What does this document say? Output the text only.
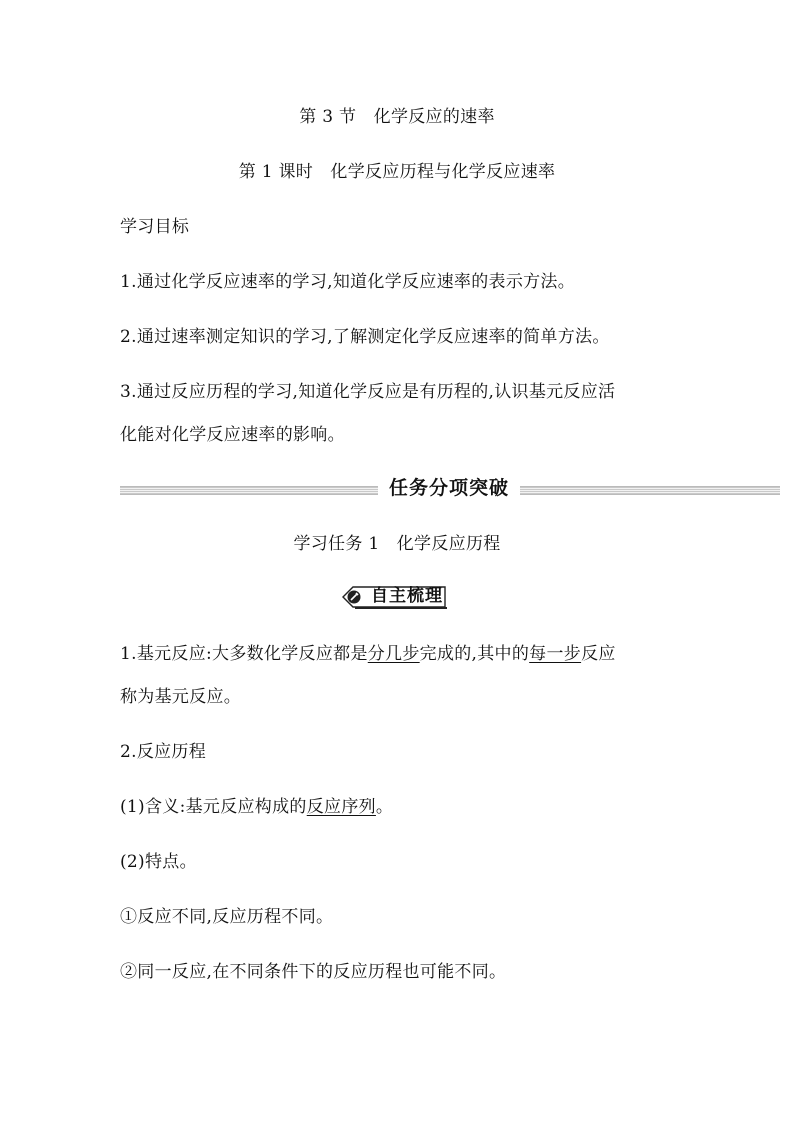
第 3 节　化学反应的速率
第 1 课时　化学反应历程与化学反应速率
学习目标
1.通过化学反应速率的学习,知道化学反应速率的表示方法。
2.通过速率测定知识的学习,了解测定化学反应速率的简单方法。
3.通过反应历程的学习,知道化学反应是有历程的,认识基元反应活
化能对化学反应速率的影响。
任务分项突破
学习任务 1　化学反应历程
自主梳理
1.基元反应:大多数化学反应都是分几步完成的,其中的每一步反应
称为基元反应。
2.反应历程
(1)含义:基元反应构成的反应序列。
(2)特点。
①反应不同,反应历程不同。
②同一反应,在不同条件下的反应历程也可能不同。
